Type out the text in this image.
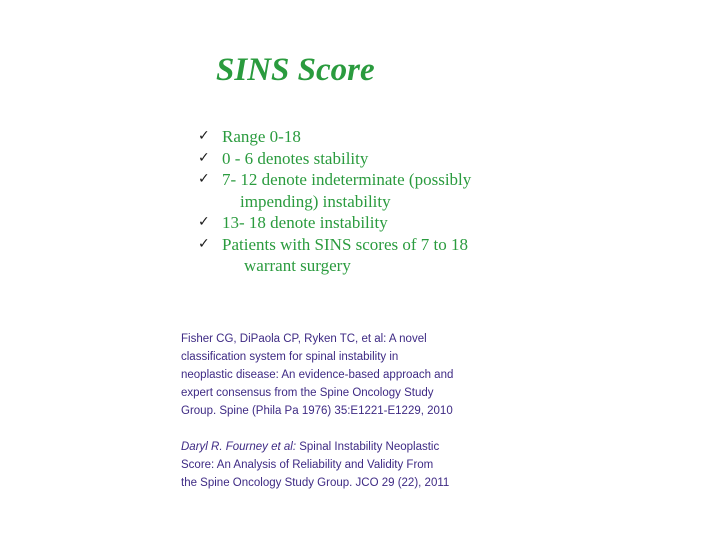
SINS Score
✓ Range 0-18
✓ 0 - 6 denotes stability
✓ 7- 12 denote indeterminate (possibly
impending) instability
✓ 13- 18 denote instability
✓ Patients with SINS scores of 7 to 18
warrant surgery
Fisher CG, DiPaola CP, Ryken TC, et al: A novel
classification system for spinal instability in
neoplastic disease: An evidence-based approach and
expert consensus from the Spine Oncology Study
Group. Spine (Phila Pa 1976) 35:E1221-E1229, 2010
Daryl R. Fourney et al: Spinal Instability Neoplastic
Score: An Analysis of Reliability and Validity From
the Spine Oncology Study Group. JCO 29 (22), 2011
